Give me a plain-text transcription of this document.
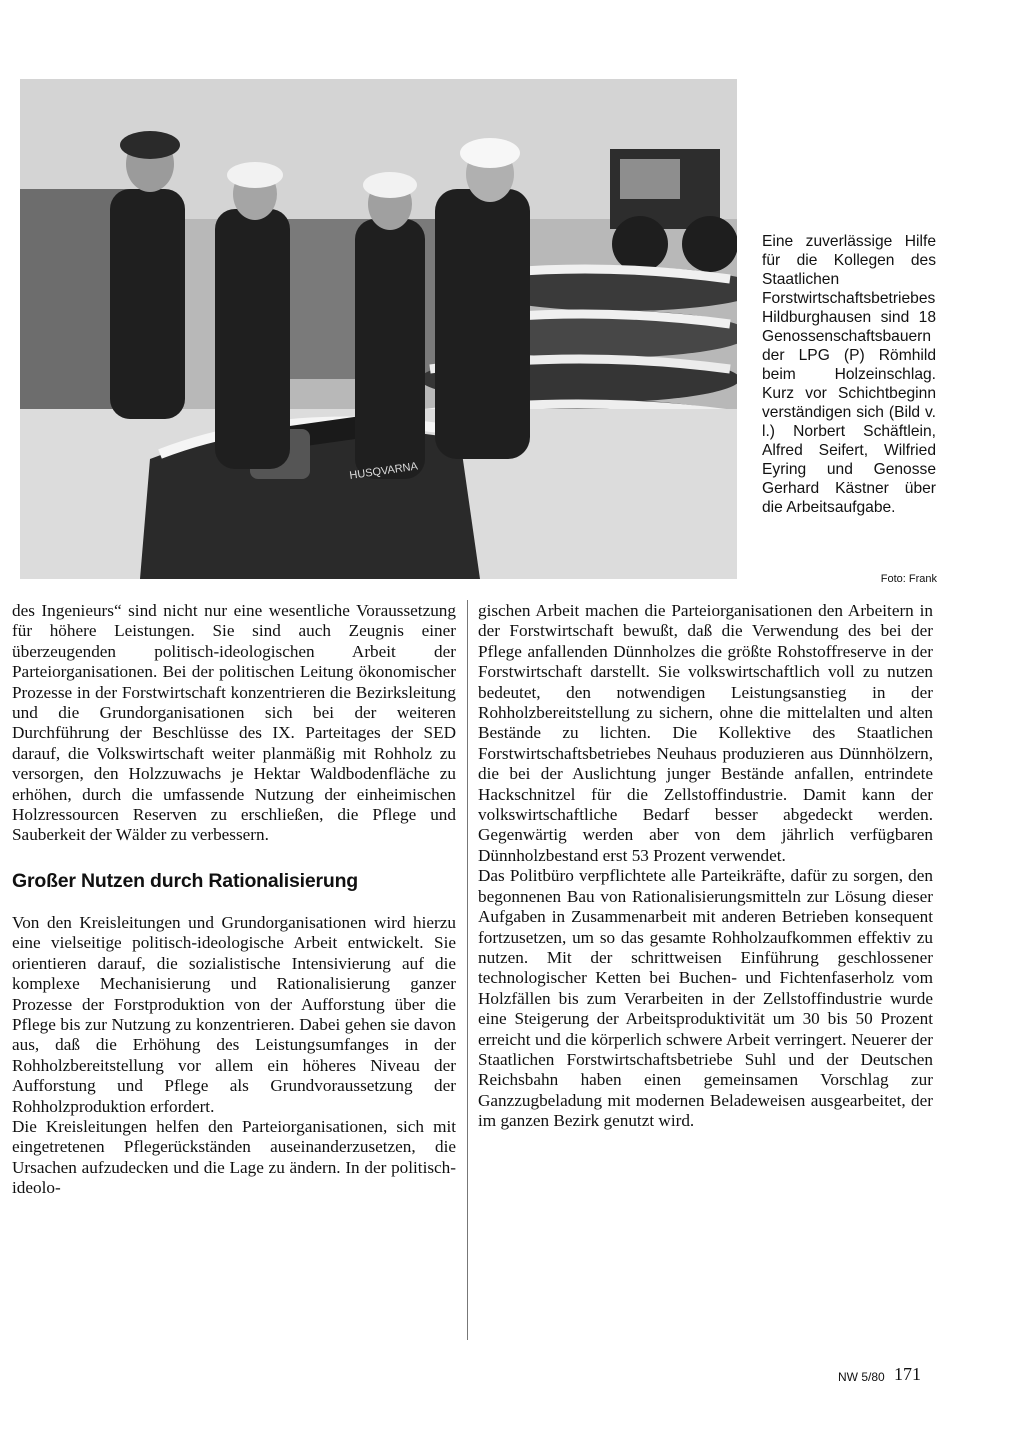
HUSQVARNA
Eine zuverlässige Hilfe für die Kollegen des Staatlichen Forstwirtschaftsbetriebes Hildburghausen sind 18 Genossenschaftsbauern der LPG (P) Römhild beim Holzeinschlag. Kurz vor Schichtbeginn verständigen sich (Bild v. l.) Norbert Schäftlein, Alfred Seifert, Wilfried Eyring und Genosse Gerhard Kästner über die Arbeitsaufgabe.
Foto: Frank

des Ingenieurs“ sind nicht nur eine wesentliche Voraussetzung für höhere Leistungen. Sie sind auch Zeugnis einer überzeugenden politisch-ideologischen Arbeit der Parteiorganisationen. Bei der politischen Leitung ökonomischer Prozesse in der Forstwirtschaft konzentrieren die Bezirksleitung und die Grundorganisationen sich bei der weiteren Durchführung der Beschlüsse des IX. Parteitages der SED darauf, die Volkswirtschaft weiter planmäßig mit Rohholz zu versorgen, den Holzzuwachs je Hektar Waldbodenfläche zu erhöhen, durch die umfassende Nutzung der einheimischen Holzressourcen Reserven zu erschließen, die Pflege und Sauberkeit der Wälder zu verbessern.

Großer Nutzen durch Rationalisierung

Von den Kreisleitungen und Grundorganisationen wird hierzu eine vielseitige politisch-ideologische Arbeit entwickelt. Sie orientieren darauf, die sozialistische Intensivierung auf die komplexe Mechanisierung und Rationalisierung ganzer Prozesse der Forstproduktion von der Aufforstung über die Pflege bis zur Nutzung zu konzentrieren. Dabei gehen sie davon aus, daß die Erhöhung des Leistungsumfanges in der Rohholzbereitstellung vor allem ein höheres Niveau der Aufforstung und Pflege als Grundvoraussetzung der Rohholzproduktion erfordert.

Die Kreisleitungen helfen den Parteiorganisationen, sich mit eingetretenen Pflegerückständen auseinanderzusetzen, die Ursachen aufzudecken und die Lage zu ändern. In der politisch-ideolo-

gischen Arbeit machen die Parteiorganisationen den Arbeitern in der Forstwirtschaft bewußt, daß die Verwendung des bei der Pflege anfallenden Dünnholzes die größte Rohstoffreserve in der Forstwirtschaft darstellt. Sie volkswirtschaftlich voll zu nutzen bedeutet, den notwendigen Leistungsanstieg in der Rohholzbereitstellung zu sichern, ohne die mittelalten und alten Bestände zu lichten. Die Kollektive des Staatlichen Forstwirtschaftsbetriebes Neuhaus produzieren aus Dünnhölzern, die bei der Auslichtung junger Bestände anfallen, entrindete Hackschnitzel für die Zellstoffindustrie. Damit kann der volkswirtschaftliche Bedarf besser abgedeckt werden. Gegenwärtig werden aber von dem jährlich verfügbaren Dünnholzbestand erst 53 Prozent verwendet.

Das Politbüro verpflichtete alle Parteikräfte, dafür zu sorgen, den begonnenen Bau von Rationalisierungsmitteln zur Lösung dieser Aufgaben in Zusammenarbeit mit anderen Betrieben konsequent fortzusetzen, um so das gesamte Rohholzaufkommen effektiv zu nutzen. Mit der schrittweisen Einführung geschlossener technologischer Ketten bei Buchen- und Fichtenfaserholz vom Holzfällen bis zum Verarbeiten in der Zellstoffindustrie wurde eine Steigerung der Arbeitsproduktivität um 30 bis 50 Prozent erreicht und die körperlich schwere Arbeit verringert. Neuerer der Staatlichen Forstwirtschaftsbetriebe Suhl und der Deutschen Reichsbahn haben einen gemeinsamen Vorschlag zur Ganzzugbeladung mit modernen Beladeweisen ausgearbeitet, der im ganzen Bezirk genutzt wird.

NW 5/80 171
